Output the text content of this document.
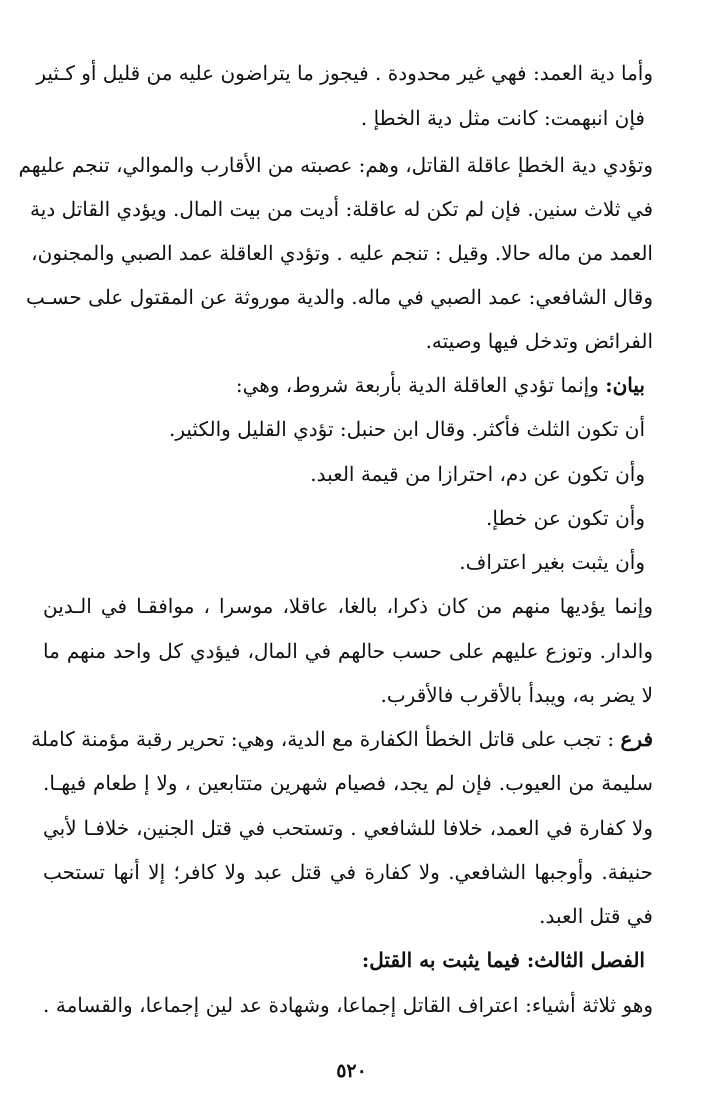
وأما دية العمد: فهي غير محدودة . فيجوز ما يتراضون عليه من قليل أو كـثير
فإن انبهمت: كانت مثل دية الخطإ .
وتؤدي دية الخطإ عاقلة القاتل، وهم: عصبته من الأقارب والموالي، تنجم عليهم
في ثلاث سنين. فإن لم تكن له عاقلة: أديت من بيت المال. ويؤدي القاتل دية
العمد من ماله حالا. وقيل : تنجم عليه . وتؤدي العاقلة عمد الصبي والمجنون،
وقال الشافعي: عمد الصبي في ماله. والدية موروثة عن المقتول على حسـب
الفرائض وتدخل فيها وصيته.
بيان: وإنما تؤدي العاقلة الدية بأربعة شروط، وهي:
أن تكون الثلث فأكثر. وقال ابن حنبل: تؤدي القليل والكثير.
وأن تكون عن دم، احترازا من قيمة العبد.
وأن تكون عن خطإ.
وأن يثبت بغير اعتراف.
وإنما يؤديها منهم من كان ذكرا، بالغا، عاقلا، موسرا ، موافقـا في الـدين
والدار. وتوزع عليهم على حسب حالهم في المال، فيؤدي كل واحد منهم ما
لا يضر به، ويبدأ بالأقرب فالأقرب.
فرع : تجب على قاتل الخطأ الكفارة مع الدية، وهي: تحرير رقبة مؤمنة كاملة
سليمة من العيوب. فإن لم يجد، فصيام شهرين متتابعين ، ولا إ طعام فيهـا.
ولا كفارة في العمد، خلافا للشافعي . وتستحب في قتل الجنين، خلافـا لأبي
حنيفة. وأوجبها الشافعي. ولا كفارة في قتل عبد ولا كافر؛ إلا أنها تستحب
في قتل العبد.
الفصل الثالث: فيما يثبت به القتل:
وهو ثلاثة أشياء: اعتراف القاتل إجماعا، وشهادة عد لين إجماعا، والقسامة .
٥٢٠
